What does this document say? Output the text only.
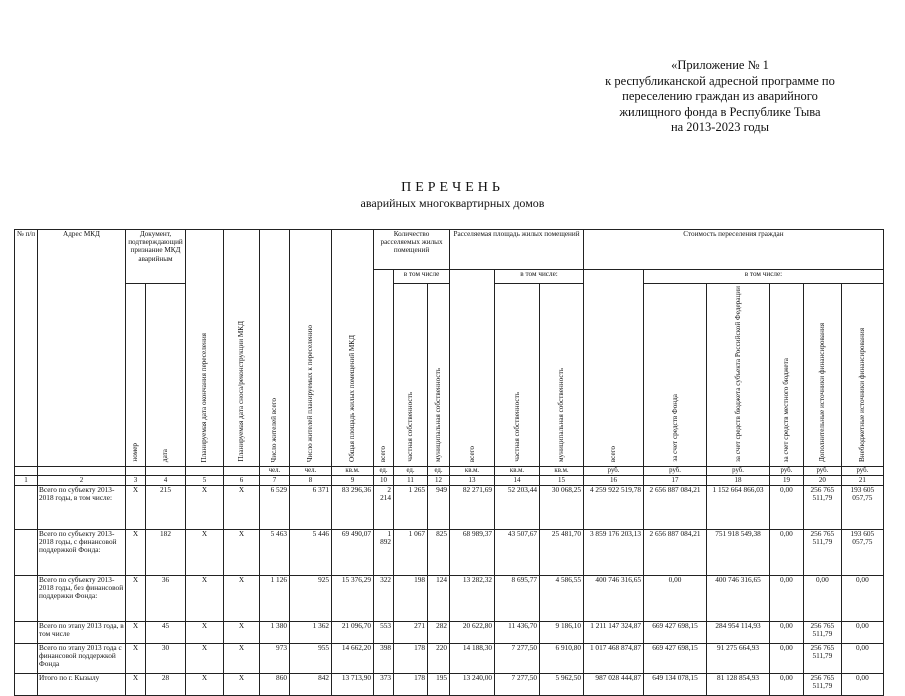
«Приложение № 1
к республиканской адресной программе по
переселению граждан из аварийного
жилищного фонда в Республике Тыва
на 2013-2023 годы
ПЕРЕЧЕНЬ
аварийных многоквартирных домов
№ п/п	Адрес МКД	Документ, подтверждающий признание МКД аварийным		Планируемая дата окончания переселения	Планируемая дата сноса/реконструкции МКД	Число жителей всего	Число жителей планируемых к переселению	Общая площадь жилых помещений МКД	Количество расселяемых жилых помещений			Расселяемая площадь жилых помещений			Стоимость переселения граждан					
									всего	в том числе		всего	в том числе:		всего	в том числе:				
		номер	дата							частная собственность	муниципальная собственность		частная собственность	муниципальная собственность		за счет средств Фонда	за счет средств бюджета субъекта Российской Федерации	за счет средств местного бюджета	Дополнительные источники финансирования	Внебюджетные источники финансирования
						чел.	чел.	кв.м.	ед.	ед.	ед.	кв.м.	кв.м.	кв.м.	руб.	руб.	руб.	руб.	руб.	руб.
1	2	3	4	5	6	7	8	9	10	11	12	13	14	15	16	17	18	19	20	21
	Всего по субъекту 2013-2018 годы, в том числе:	X	215	X	X	6 529	6 371	83 296,36	2 214	1 265	949	82 271,69	52 203,44	30 068,25	4 259 922 519,78	2 656 887 084,21	1 152 664 866,03	0,00	256 765 511,79	193 605 057,75
	Всего по субъекту 2013-2018 годы, с финансовой поддержкой Фонда:	X	182	X	X	5 463	5 446	69 490,07	1 892	1 067	825	68 989,37	43 507,67	25 481,70	3 859 176 203,13	2 656 887 084,21	751 918 549,38	0,00	256 765 511,79	193 605 057,75
	Всего по субъекту 2013-2018 годы, без финансовой поддержки Фонда:	X	36	X	X	1 126	925	15 376,29	322	198	124	13 282,32	8 695,77	4 586,55	400 746 316,65	0,00	400 746 316,65	0,00	0,00	0,00
	Всего по этапу 2013 года, в том числе	X	45	X	X	1 380	1 362	21 096,70	553	271	282	20 622,80	11 436,70	9 186,10	1 211 147 324,87	669 427 698,15	284 954 114,93	0,00	256 765 511,79	0,00
	Всего по этапу 2013 года с финансовой поддержкой Фонда	X	30	X	X	973	955	14 662,20	398	178	220	14 188,30	7 277,50	6 910,80	1 017 468 874,87	669 427 698,15	91 275 664,93	0,00	256 765 511,79	0,00
	Итого по г. Кызылу	X	28	X	X	860	842	13 713,90	373	178	195	13 240,00	7 277,50	5 962,50	987 028 444,87	649 134 078,15	81 128 854,93	0,00	256 765 511,79	0,00
